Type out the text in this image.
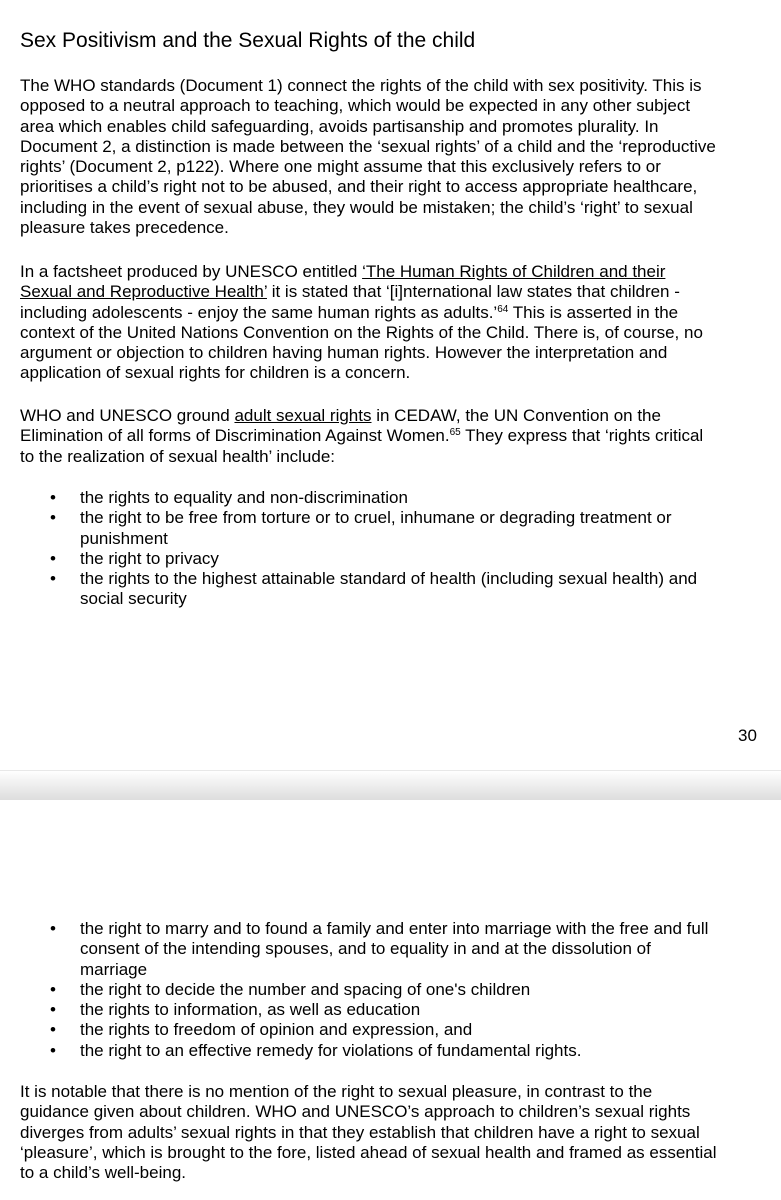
Sex Positivism and the Sexual Rights of the child
The WHO standards (Document 1) connect the rights of the child with sex positivity. This is
opposed to a neutral approach to teaching, which would be expected in any other subject
area which enables child safeguarding, avoids partisanship and promotes plurality. In
Document 2, a distinction is made between the ‘sexual rights’ of a child and the ‘reproductive
rights’ (Document 2, p122). Where one might assume that this exclusively refers to or
prioritises a child’s right not to be abused, and their right to access appropriate healthcare,
including in the event of sexual abuse, they would be mistaken; the child’s ‘right’ to sexual
pleasure takes precedence.
In a factsheet produced by UNESCO entitled ‘The Human Rights of Children and their
Sexual and Reproductive Health’ it is stated that ‘[i]nternational law states that children -
including adolescents - enjoy the same human rights as adults.’$^{64}$ This is asserted in the
context of the United Nations Convention on the Rights of the Child. There is, of course, no
argument or objection to children having human rights. However the interpretation and
application of sexual rights for children is a concern.
WHO and UNESCO ground adult sexual rights in CEDAW, the UN Convention on the
Elimination of all forms of Discrimination Against Women.$^{65}$ They express that ‘rights critical
to the realization of sexual health’ include:
• the rights to equality and non-discrimination
• the right to be free from torture or to cruel, inhumane or degrading treatment or
punishment
• the right to privacy
• the rights to the highest attainable standard of health (including sexual health) and
social security
30
• the right to marry and to found a family and enter into marriage with the free and full
consent of the intending spouses, and to equality in and at the dissolution of
marriage
• the right to decide the number and spacing of one's children
• the rights to information, as well as education
• the rights to freedom of opinion and expression, and
• the right to an effective remedy for violations of fundamental rights.
It is notable that there is no mention of the right to sexual pleasure, in contrast to the
guidance given about children. WHO and UNESCO’s approach to children’s sexual rights
diverges from adults’ sexual rights in that they establish that children have a right to sexual
‘pleasure’, which is brought to the fore, listed ahead of sexual health and framed as essential
to a child’s well-being.
